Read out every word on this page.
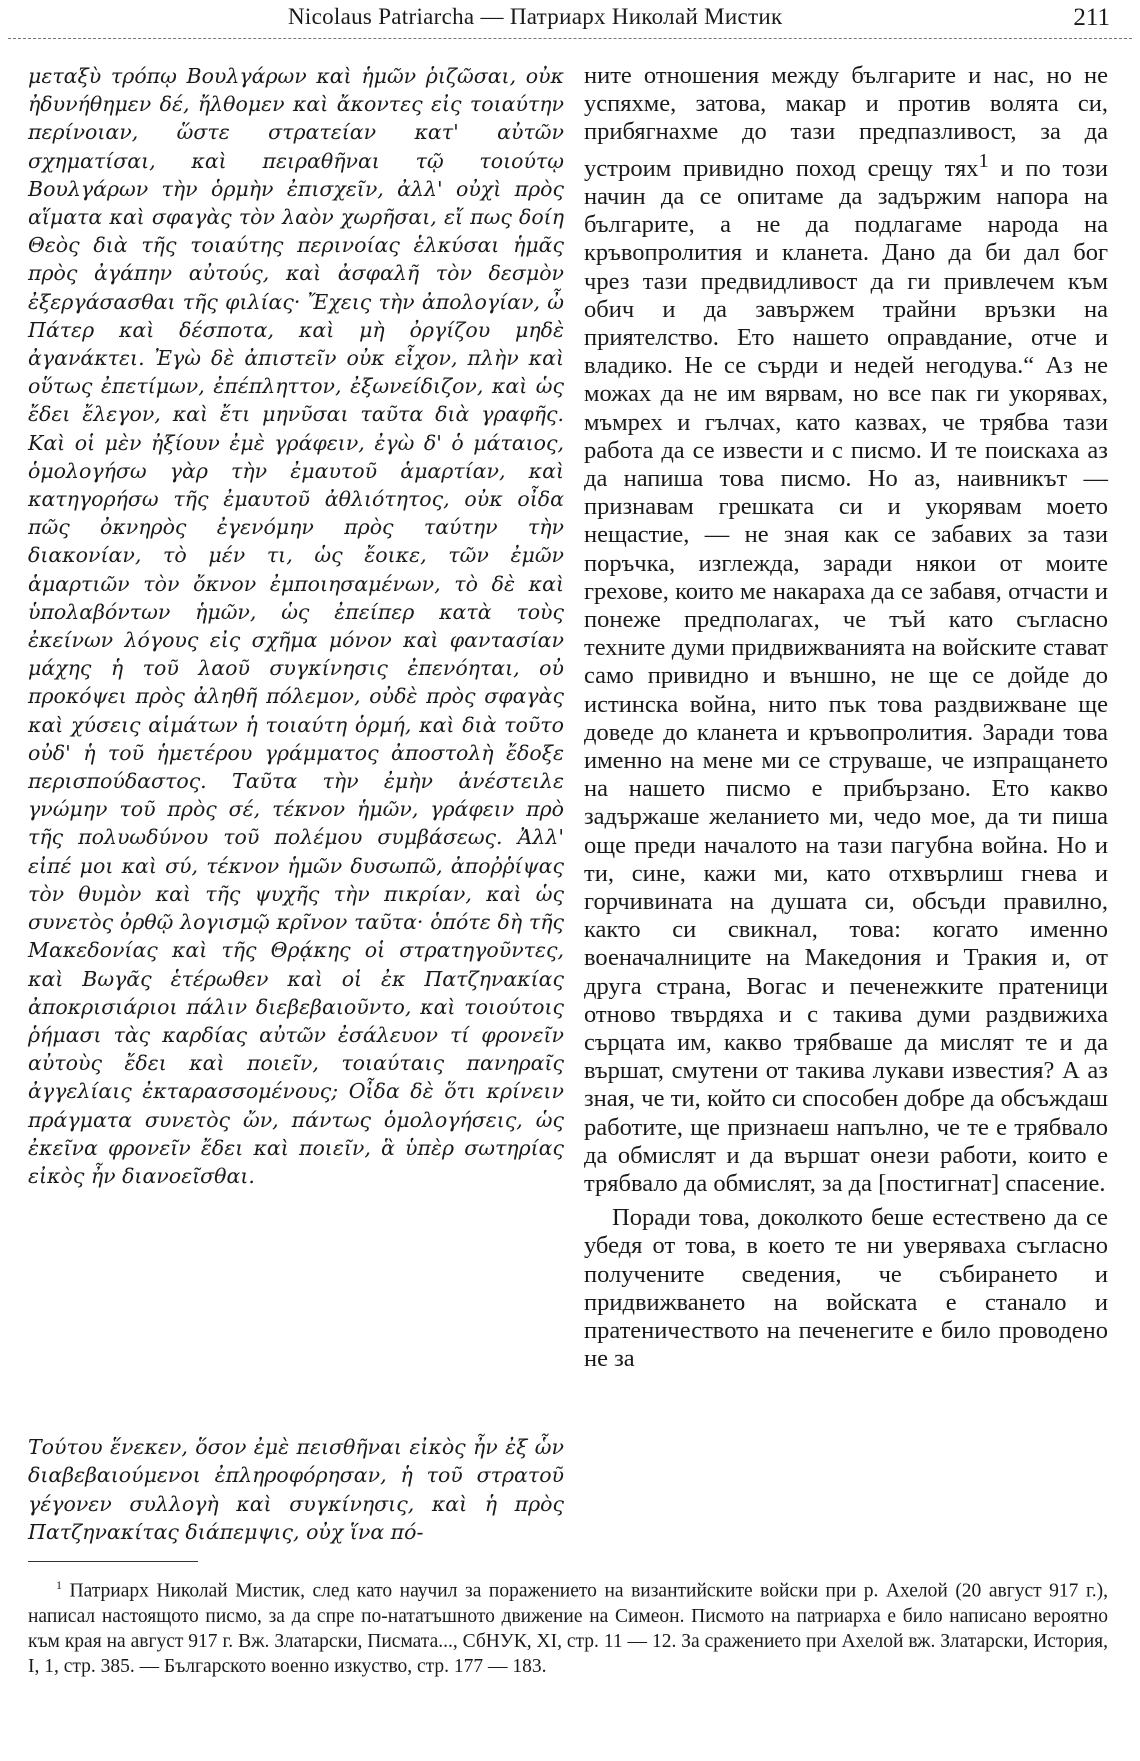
Nicolaus Patriarcha — Патриарх Николай Мистик	211

μεταξὺ τρόπῳ Βουλγάρων καὶ ἡμῶν ῥιζῶσαι, οὐκ ἠδυνήθημεν δέ, ἤλθομεν καὶ ἄκοντες εἰς τοιαύτην περίνοιαν, ὥστε στρατείαν κατ' αὐτῶν σχηματίσαι, καὶ πειραθῆναι τῷ τοιούτῳ Βουλγάρων τὴν ὁρμὴν ἐπισχεῖν, ἀλλ' οὐχὶ πρὸς αἵματα καὶ σφαγὰς τὸν λαὸν χωρῆσαι, εἴ πως δοίη Θεὸς διὰ τῆς τοιαύτης περινοίας ἑλκύσαι ἡμᾶς πρὸς ἀγάπην αὐτούς, καὶ ἀσφαλῆ τὸν δεσμὸν ἐξεργάσασθαι τῆς φιλίας· Ἔχεις τὴν ἀπολογίαν, ὦ Πάτερ καὶ δέσποτα, καὶ μὴ ὀργίζου μηδὲ ἀγανάκτει. Ἐγὼ δὲ ἀπιστεῖν οὐκ εἶχον, πλὴν καὶ οὕτως ἐπετίμων, ἐπέπληττον, ἐξωνείδιζον, καὶ ὡς ἔδει ἔλεγον, καὶ ἔτι μηνῦσαι ταῦτα διὰ γραφῆς. Καὶ οἱ μὲν ἠξίουν ἐμὲ γράφειν, ἐγὼ δ' ὁ μάταιος, ὁμολογήσω γὰρ τὴν ἐμαυτοῦ ἁμαρτίαν, καὶ κατηγορήσω τῆς ἐμαυτοῦ ἀθλιότητος, οὐκ οἶδα πῶς ὀκνηρὸς ἐγενόμην πρὸς ταύτην τὴν διακονίαν, τὸ μέν τι, ὡς ἔοικε, τῶν ἐμῶν ἁμαρτιῶν τὸν ὄκνον ἐμποιησαμένων, τὸ δὲ καὶ ὑπολαβόντων ἡμῶν, ὡς ἐπείπερ κατὰ τοὺς ἐκείνων λόγους εἰς σχῆμα μόνον καὶ φαντασίαν μάχης ἡ τοῦ λαοῦ συγκίνησις ἐπενόηται, οὐ προκόψει πρὸς ἀληθῆ πόλεμον, οὐδὲ πρὸς σφαγὰς καὶ χύσεις αἱμάτων ἡ τοιαύτη ὁρμή, καὶ διὰ τοῦτο οὐδ' ἡ τοῦ ἡμετέρου γράμματος ἀποστολὴ ἔδοξε περισπούδαστος. Ταῦτα τὴν ἐμὴν ἀνέστειλε γνώμην τοῦ πρὸς σέ, τέκνον ἡμῶν, γράφειν πρὸ τῆς πολυωδύνου τοῦ πολέμου συμβάσεως. Ἀλλ' εἰπέ μοι καὶ σύ, τέκνον ἡμῶν δυσωπῶ, ἀποῤῥίψας τὸν θυμὸν καὶ τῆς ψυχῆς τὴν πικρίαν, καὶ ὡς συνετὸς ὀρθῷ λογισμῷ κρῖνον ταῦτα· ὁπότε δὴ τῆς Μακεδονίας καὶ τῆς Θρᾴκης οἱ στρατηγοῦντες, καὶ Βωγᾶς ἑτέρωθεν καὶ οἱ ἐκ Πατζηνακίας ἀποκρισιάριοι πάλιν διεβεβαιοῦντο, καὶ τοιούτοις ῥήμασι τὰς καρδίας αὐτῶν ἐσάλευον τί φρονεῖν αὐτοὺς ἔδει καὶ ποιεῖν, τοιαύταις πανηραῖς ἀγγελίαις ἐκταρασσομένους; Οἶδα δὲ ὅτι κρίνειν πράγματα συνετὸς ὤν, πάντως ὁμολογήσεις, ὡς ἐκεῖνα φρονεῖν ἔδει καὶ ποιεῖν, ἃ ὑπὲρ σωτηρίας εἰκὸς ἦν διανοεῖσθαι.

Τούτου ἕνεκεν, ὅσον ἐμὲ πεισθῆναι εἰκὸς ἦν ἐξ ὧν διαβεβαιούμενοι ἐπληροφόρησαν, ἡ τοῦ στρατοῦ γέγονεν συλλογὴ καὶ συγκίνησις, καὶ ἡ πρὸς Πατζηνακίτας διάπεμψις, οὐχ ἵνα πό-

ните отношения между българите и нас, но не успяхме, затова, макар и против волята си, прибягнахме до тази предпазливост, за да устроим привидно поход срещу тях$^1$ и по този начин да се опитаме да задържим напора на българите, а не да подлагаме народа на кръвопролития и кланета. Дано да би дал бог чрез тази предвидливост да ги привлечем към обич и да завържем трайни връзки на приятелство. Ето нашето оправдание, отче и владико. Не се сърди и недей негодува.“ Аз не можах да не им вярвам, но все пак ги укорявах, мъмрех и гълчах, като казвах, че трябва тази работа да се извести и с писмо. И те поискаха аз да напиша това писмо. Но аз, наивникът — признавам грешката си и укорявам моето нещастие, — не зная как се забавих за тази поръчка, изглежда, заради някои от моите грехове, които ме накараха да се забавя, отчасти и понеже предполагах, че тъй като съгласно техните думи придвижванията на войските стават само привидно и външно, не ще се дойде до истинска война, нито пък това раздвижване ще доведе до кланета и кръвопролития. Заради това именно на мене ми се струваше, че изпращането на нашето писмо е прибързано. Ето какво задържаше желанието ми, чедо мое, да ти пиша още преди началото на тази пагубна война. Но и ти, сине, кажи ми, като отхвърлиш гнева и горчивината на душата си, обсъди правилно, както си свикнал, това: когато именно военачалниците на Македония и Тракия и, от друга страна, Вогас и печенежките пратеници отново твърдяха и с такива думи раздвижиха сърцата им, какво трябваше да мислят те и да вършат, смутени от такива лукави известия? А аз зная, че ти, който си способен добре да обсъждаш работите, ще признаеш напълно, че те е трябвало да обмислят и да вършат онези работи, които е трябвало да обмислят, за да [постигнат] спасение.

Поради това, доколкото беше естествено да се убедя от това, в което те ни уверяваха съгласно получените сведения, че събирането и придвижването на войската е станало и пратеничеството на печенегите е било проводено не за

$^1$ Патриарх Николай Мистик, след като научил за поражението на византийските войски при р. Ахелой (20 август 917 г.), написал настоящото писмо, за да спре по-нататъшното движение на Симеон. Писмото на патриарха е било написано вероятно към края на август 917 г. Вж. Златарски, Писмата..., СбНУК, XI, стр. 11 — 12. За сражението при Ахелой вж. Златарски, История, I, 1, стр. 385. — Българското военно изкуство, стр. 177 — 183.
